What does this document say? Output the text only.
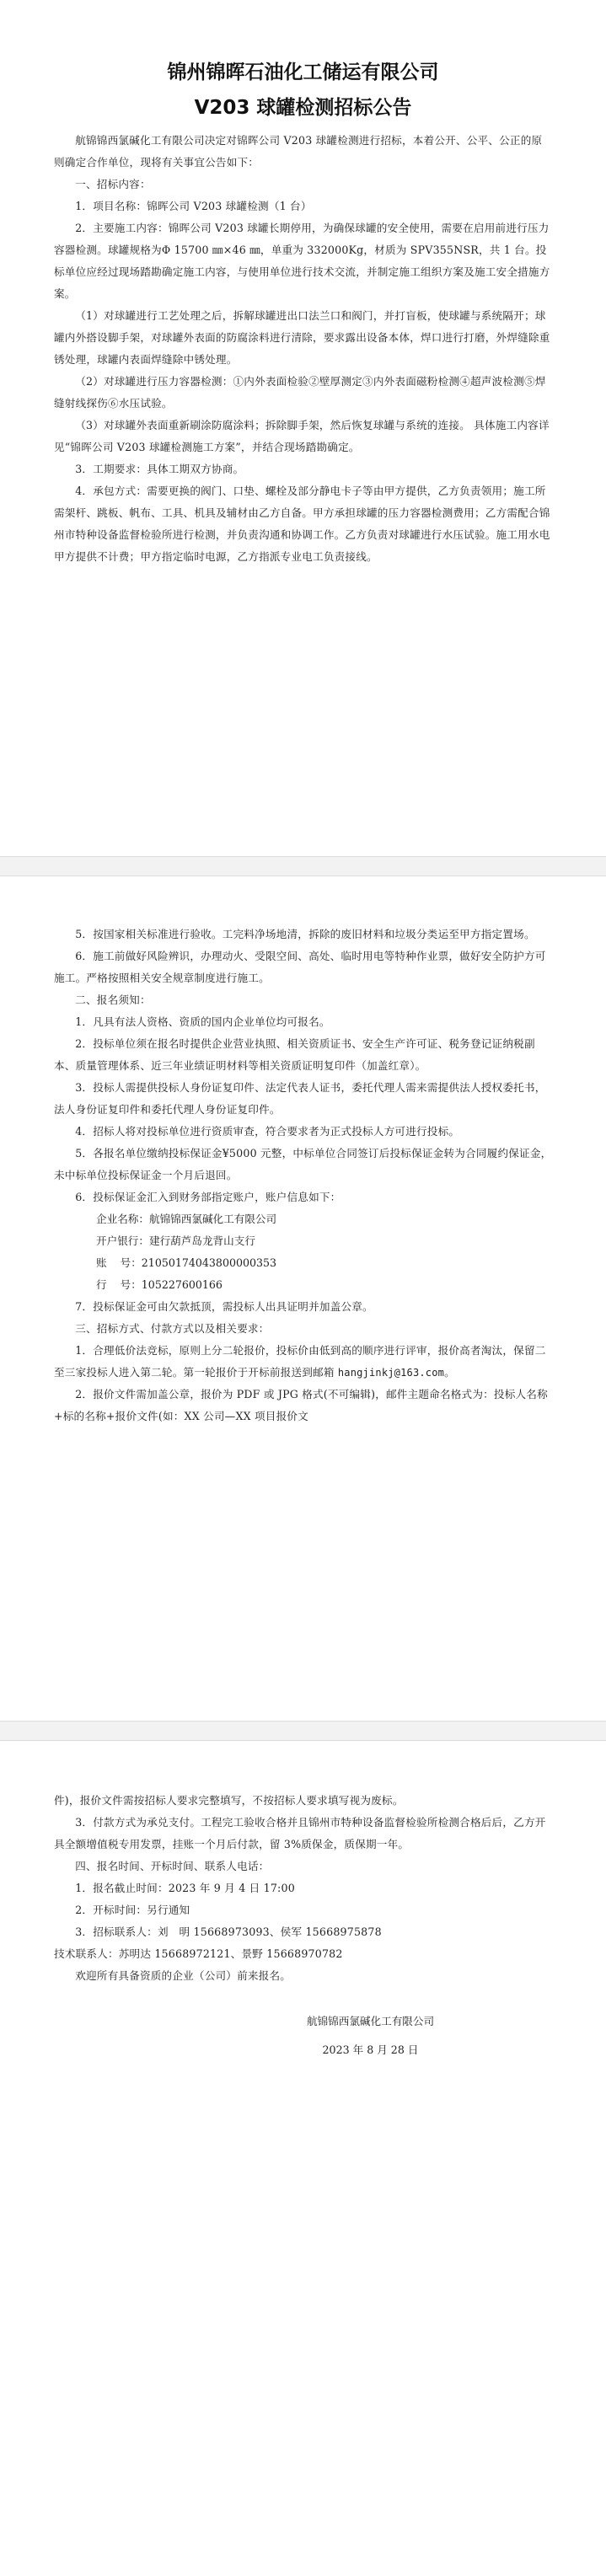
锦州锦晖石油化工储运有限公司
V203 球罐检测招标公告

航锦锦西氯碱化工有限公司决定对锦晖公司 V203 球罐检测进行招标，本着公开、公平、公正的原则确定合作单位，现将有关事宜公告如下：

一、招标内容：

1．项目名称：锦晖公司 V203 球罐检测（1 台）

2．主要施工内容：锦晖公司 V203 球罐长期停用，为确保球罐的安全使用，需要在启用前进行压力容器检测。球罐规格为Φ 15700 ㎜×46 ㎜，单重为 332000Kg，材质为 SPV355NSR，共 1 台。投标单位应经过现场踏勘确定施工内容，与使用单位进行技术交流，并制定施工组织方案及施工安全措施方案。

（1）对球罐进行工艺处理之后，拆解球罐进出口法兰口和阀门，并打盲板，使球罐与系统隔开；球罐内外搭设脚手架，对球罐外表面的防腐涂料进行清除，要求露出设备本体，焊口进行打磨，外焊缝除重锈处理，球罐内表面焊缝除中锈处理。

（2）对球罐进行压力容器检测：①内外表面检验②壁厚测定③内外表面磁粉检测④超声波检测⑤焊缝射线探伤⑥水压试验。

（3）对球罐外表面重新刷涂防腐涂料；拆除脚手架，然后恢复球罐与系统的连接。 具体施工内容详见“锦晖公司 V203 球罐检测施工方案”，并结合现场踏勘确定。

3．工期要求：具体工期双方协商。

4．承包方式：需要更换的阀门、口垫、螺栓及部分静电卡子等由甲方提供，乙方负责领用；施工所需架杆、跳板、帆布、工具、机具及辅材由乙方自备。甲方承担球罐的压力容器检测费用；乙方需配合锦州市特种设备监督检验所进行检测，并负责沟通和协调工作。乙方负责对球罐进行水压试验。施工用水电甲方提供不计费；甲方指定临时电源，乙方指派专业电工负责接线。

5．按国家相关标准进行验收。工完料净场地清，拆除的废旧材料和垃圾分类运至甲方指定置场。

6．施工前做好风险辨识，办理动火、受限空间、高处、临时用电等特种作业票，做好安全防护方可施工。严格按照相关安全规章制度进行施工。

二、报名须知：

1．凡具有法人资格、资质的国内企业单位均可报名。

2．投标单位须在报名时提供企业营业执照、相关资质证书、安全生产许可证、税务登记证纳税副本、质量管理体系、近三年业绩证明材料等相关资质证明复印件（加盖红章）。

3．投标人需提供投标人身份证复印件、法定代表人证书，委托代理人需来需提供法人授权委托书，法人身份证复印件和委托代理人身份证复印件。

4．招标人将对投标单位进行资质审查，符合要求者为正式投标人方可进行投标。

5．各报名单位缴纳投标保证金¥5000 元整，中标单位合同签订后投标保证金转为合同履约保证金，未中标单位投标保证金一个月后退回。

6．投标保证金汇入到财务部指定账户，账户信息如下：

企业名称：航锦锦西氯碱化工有限公司
开户银行：建行葫芦岛龙背山支行
账    号：21050174043800000353
行    号：105227600166

7．投标保证金可由欠款抵顶，需投标人出具证明并加盖公章。

三、招标方式、付款方式以及相关要求：

1．合理低价法竞标，原则上分二轮报价，投标价由低到高的顺序进行评审，报价高者淘汰，保留二至三家投标人进入第二轮。第一轮报价于开标前报送到邮箱 hangjinkj@163.com。

2．报价文件需加盖公章，报价为 PDF 或 JPG 格式(不可编辑)，邮件主题命名格式为：投标人名称+标的名称+报价文件(如：XX 公司—XX 项目报价文

件)，报价文件需按招标人要求完整填写，不按招标人要求填写视为废标。

3．付款方式为承兑支付。工程完工验收合格并且锦州市特种设备监督检验所检测合格后后，乙方开具全额增值税专用发票，挂账一个月后付款，留 3%质保金，质保期一年。

四、报名时间、开标时间、联系人电话：

1．报名截止时间：2023 年 9 月 4 日 17:00

2．开标时间：另行通知

3．招标联系人：刘　明 15668973093、侯军 15668975878

技术联系人：苏明达 15668972121、景野 15668970782

欢迎所有具备资质的企业（公司）前来报名。

航锦锦西氯碱化工有限公司
2023 年 8 月 28 日
